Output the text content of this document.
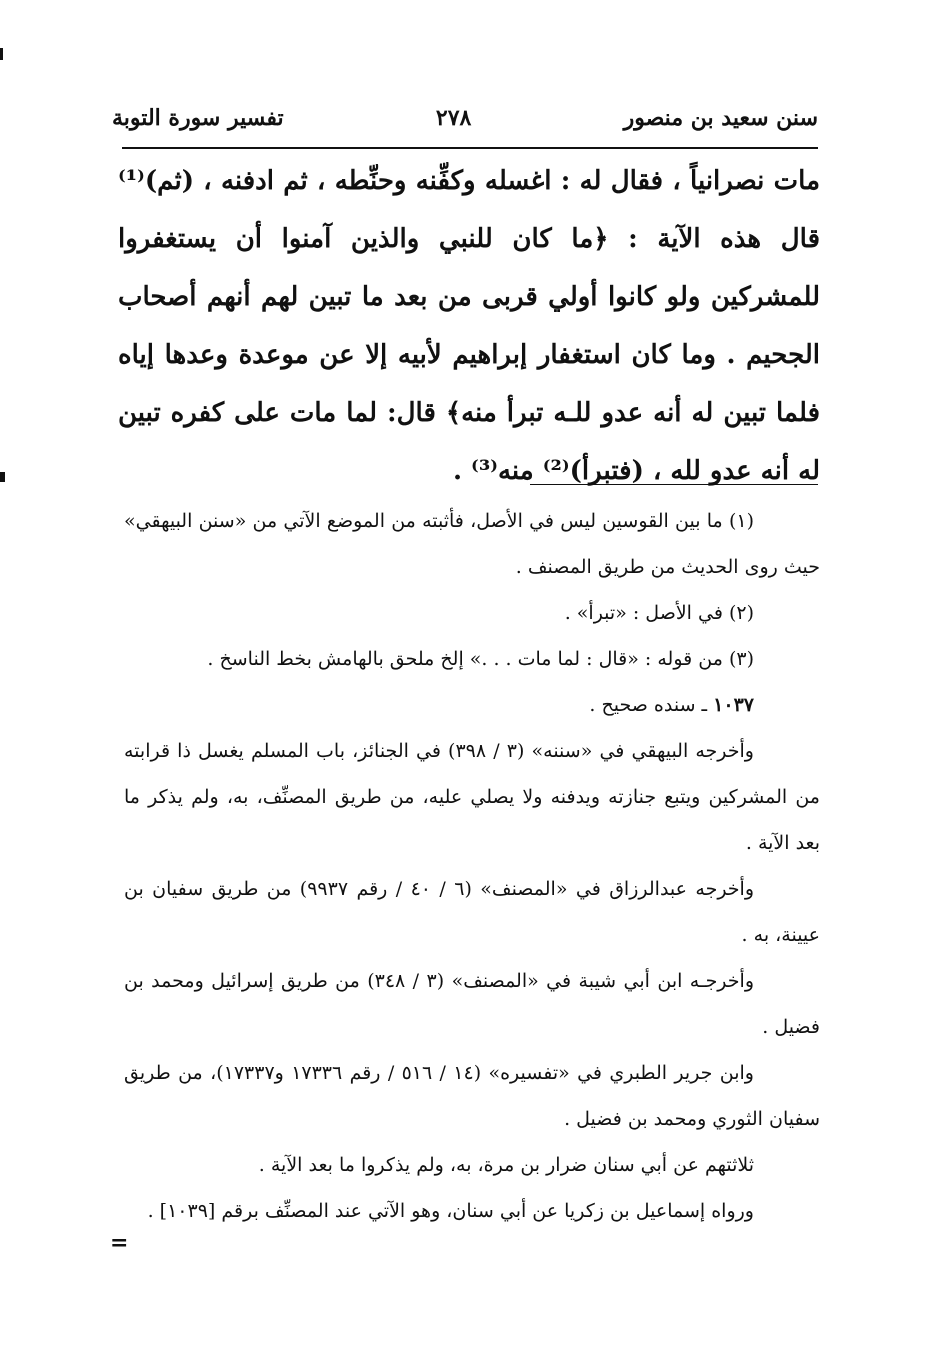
سنن سعيد بن منصور
٢٧٨
تفسير سورة التوبة

مات نصرانياً ، فقال له : اغسله وكفِّنه وحنِّطه ، ثم ادفنه ، (ثم)⁽¹⁾ قال هذه الآية : ﴿ما كان للنبي والذين آمنوا أن يستغفروا للمشركين ولو كانوا أولي قربى من بعد ما تبين لهم أنهم أصحاب الجحيم . وما كان استغفار إبراهيم لأبيه إلا عن موعدة وعدها إياه فلما تبين له أنه عدو للـه تبرأ منه﴾ قال: لما مات على كفره تبين له أنه عدو لله ، (فتبرأ)⁽²⁾ منه⁽³⁾ .

(١) ما بين القوسين ليس في الأصل، فأثبته من الموضع الآتي من «سنن البيهقي» حيث روى الحديث من طريق المصنف .

(٢) في الأصل : «تبرأ» .

(٣) من قوله : «قال : لما مات . . .» إلخ ملحق بالهامش بخط الناسخ .

١٠٣٧ ـ سنده صحيح .

وأخرجه البيهقي في «سننه» (٣ / ٣٩٨) في الجنائز، باب المسلم يغسل ذا قرابته من المشركين ويتبع جنازته ويدفنه ولا يصلي عليه، من طريق المصنِّف، به، ولم يذكر ما بعد الآية .

وأخرجه عبدالرزاق في «المصنف» (٦ / ٤٠ / رقم ٩٩٣٧) من طريق سفيان بن عيينة، به .

وأخرجـه ابن أبي شيبة في «المصنف» (٣ / ٣٤٨) من طريق إسرائيل ومحمد بن فضيل .

وابن جرير الطبري في «تفسيره» (١٤ / ٥١٦ / رقم ١٧٣٣٦ و١٧٣٣٧)، من طريق سفيان الثوري ومحمد بن فضيل .

ثلاثتهم عن أبي سنان ضرار بن مرة، به، ولم يذكروا ما بعد الآية .

ورواه إسماعيل بن زكريا عن أبي سنان، وهو الآتي عند المصنِّف برقم [١٠٣٩] .

=
